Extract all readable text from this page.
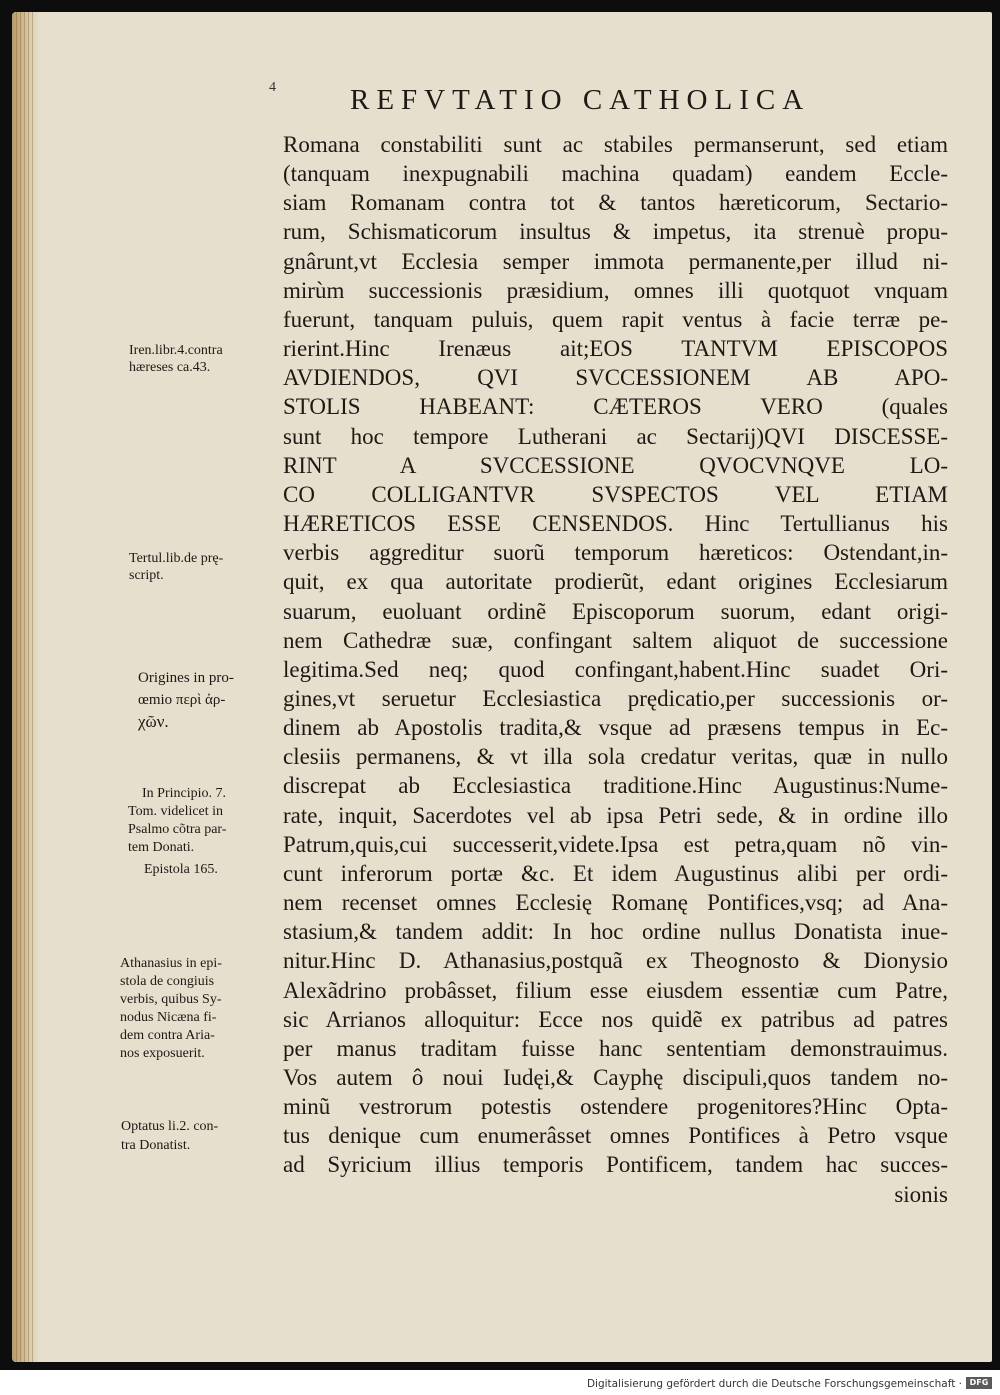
4	REFVTATIO CATHOLICA
Romana constabiliti sunt ac stabiles permanserunt, sed etiam
(tanquam inexpugnabili machina quadam) eandem Eccle-
siam Romanam contra tot & tantos hæreticorum, Sectario-
rum, Schismaticorum insultus & impetus, ita strenuè propu-
gnârunt,vt Ecclesia semper immota permanente,per illud ni-
mirùm successionis præsidium, omnes illi quotquot vnquam
fuerunt, tanquam puluis, quem rapit ventus à facie terræ pe-
rierint.Hinc Irenæus ait;EOS TANTVM EPISCOPOS
AVDIENDOS, QVI SVCCESSIONEM AB APO-
STOLIS HABEANT: CÆTEROS VERO (quales
sunt hoc tempore Lutherani ac Sectarij)QVI DISCESSE-
RINT A SVCCESSIONE QVOCVNQVE LO-
CO COLLIGANTVR SVSPECTOS VEL ETIAM
HÆRETICOS ESSE CENSENDOS. Hinc Tertullianus his
verbis aggreditur suorũ temporum hæreticos: Ostendant,in-
quit, ex qua autoritate prodierũt, edant origines Ecclesiarum
suarum, euoluant ordinẽ Episcoporum suorum, edant origi-
nem Cathedræ suæ, confingant saltem aliquot de successione
legitima.Sed neq; quod confingant,habent.Hinc suadet Ori-
gines,vt seruetur Ecclesiastica prędicatio,per successionis or-
dinem ab Apostolis tradita,& vsque ad præsens tempus in Ec-
clesiis permanens, & vt illa sola credatur veritas, quæ in nullo
discrepat ab Ecclesiastica traditione.Hinc Augustinus:Nume-
rate, inquit, Sacerdotes vel ab ipsa Petri sede, & in ordine illo
Patrum,quis,cui successerit,videte.Ipsa est petra,quam nõ vin-
cunt inferorum portæ &c. Et idem Augustinus alibi per ordi-
nem recenset omnes Ecclesię Romanę Pontifices,vsq; ad Ana-
stasium,& tandem addit: In hoc ordine nullus Donatista inue-
nitur.Hinc D. Athanasius,postquã ex Theognosto & Dionysio
Alexãdrino probâsset, filium esse eiusdem essentiæ cum Patre,
sic Arrianos alloquitur: Ecce nos quidẽ ex patribus ad patres
per manus traditam fuisse hanc sententiam demonstrauimus.
Vos autem ô noui Iudęi,& Cayphę discipuli,quos tandem no-
minũ vestrorum potestis ostendere progenitores?Hinc Opta-
tus denique cum enumerâsset omnes Pontifices à Petro vsque
ad Syricium illius temporis Pontificem, tandem hac succes-
sionis
Iren.libr.4.contra
hæreses ca.43.
Tertul.lib.de prę-
script.
Origines in pro-
œmio περὶ ἀρ-
χῶν.
In Principio. 7.
Tom. videlicet in
Psalmo cõtra par-
tem Donati.
Epistola 165.
Athanasius in epi-
stola de congiuis
verbis, quibus Sy-
nodus Nicæna fi-
dem contra Aria-
nos exposuerit.
Optatus li.2. con-
tra Donatist.
Digitalisierung gefördert durch die Deutsche Forschungsgemeinschaft · DFG
